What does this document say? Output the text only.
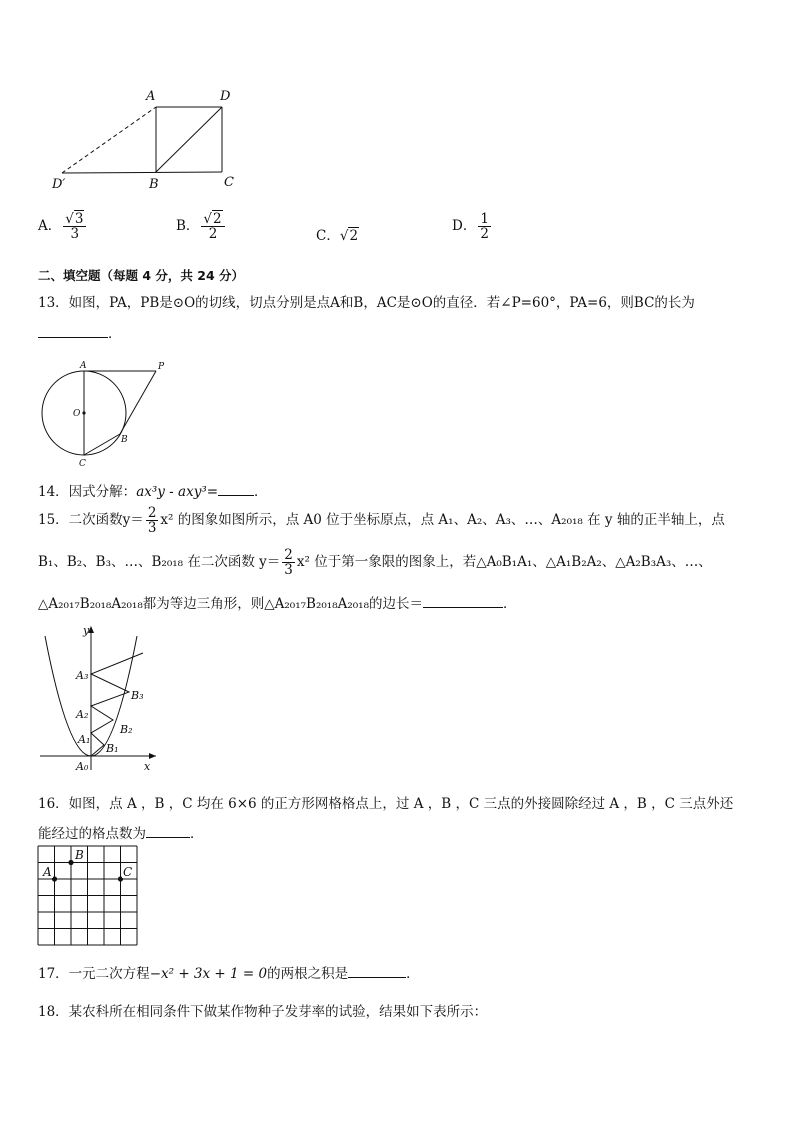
A	D
D′	B	C
A． $\frac{√3}{3}$	B． $\frac{√2}{2}$	C．√2
D． $\frac{1}{2}$
二、填空题（每题 4 分，共 24 分）
13．如图，PA，PB是⊙O的切线，切点分别是点A和B，AC是⊙O的直径．若∠P=60°，PA=6，则BC的长为
．
A	P
O
B
C
14．因式分解：ax³y - axy³=	．
15．二次函数$y= \frac{2}{3} x^2$ 的图象如图所示，点 A0 位于坐标原点，点 A₁、A₂、A₃、…、A₂₀₁₈ 在 y 轴的正半轴上，点
B₁、B₂、B₃、…、B₂₀₁₈ 在二次函数 $y= \frac{2}{3} x^2$ 位于第一象限的图象上，若△A₀B₁A₁、△A₁B₂A₂、△A₂B₃A₃、…、
△A₂₀₁₇B₂₀₁₈A₂₀₁₈都为等边三角形，则△A₂₀₁₇B₂₀₁₈A₂₀₁₈的边长＝	．
y
x
A₃
A₂
A₁
A₀
B₃
B₂
B₁
16．如图，点 A ，B ，C 均在 6×6 的正方形网格格点上，过 A ，B ，C 三点的外接圆除经过 A ，B ，C 三点外还
能经过的格点数为	．
A
B
C
17．一元二次方程−x² + 3x + 1 = 0的两根之积是	．
18．某农科所在相同条件下做某作物种子发芽率的试验，结果如下表所示：
